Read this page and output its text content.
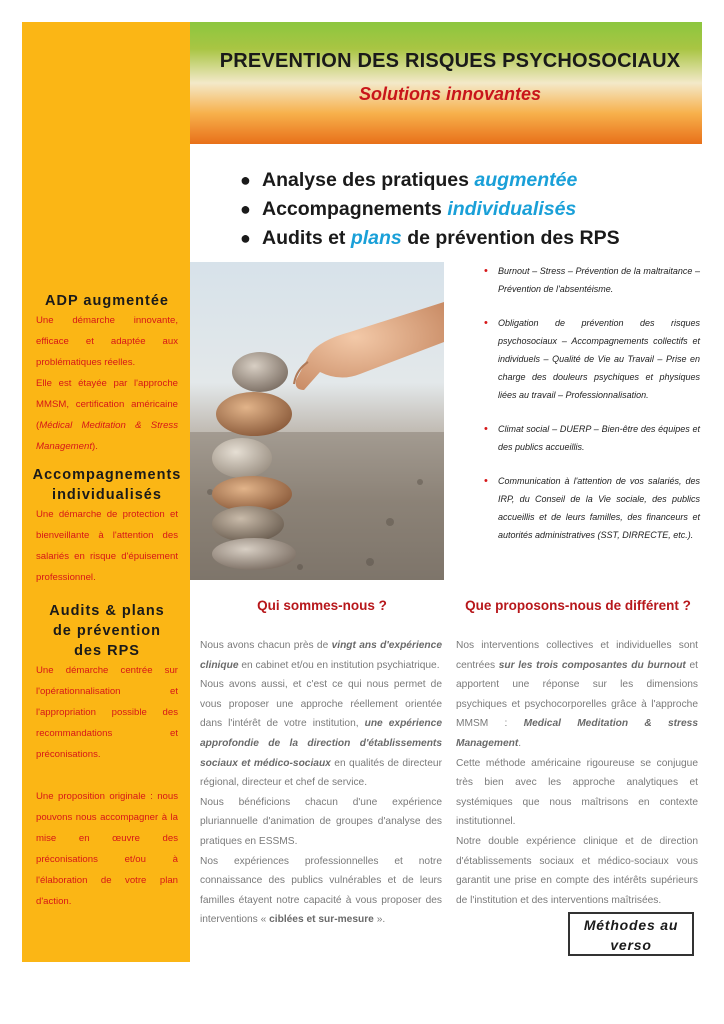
PREVENTION DES RISQUES PSYCHOSOCIAUX
Solutions innovantes
● Analyse des pratiques augmentée
● Accompagnements individualisés
● Audits et plans de prévention des RPS
ADP augmentée
Une démarche innovante, efficace et adaptée aux problématiques réelles.
Elle est étayée par l'approche MMSM, certification américaine (Médical Meditation & Stress Management).
Accompagnements individualisés
Une démarche de protection et bienveillante à l'attention des salariés en risque d'épuisement professionnel.
Audits & plans de prévention des RPS
Une démarche centrée sur l'opérationnalisation et l'appropriation possible des recommandations et préconisations.

Une proposition originale : nous pouvons nous accompagner à la mise en œuvre des préconisations et/ou à l'élaboration de votre plan d'action.
• Burnout – Stress – Prévention de la maltraitance – Prévention de l'absentéisme.
• Obligation de prévention des risques psychosociaux – Accompagnements collectifs et individuels – Qualité de Vie au Travail – Prise en charge des douleurs psychiques et physiques liées au travail – Professionnalisation.
• Climat social – DUERP – Bien-être des équipes et des publics accueillis.
• Communication à l'attention de vos salariés, des IRP, du Conseil de la Vie sociale, des publics accueillis et de leurs familles, des financeurs et autorités administratives (SST, DIRRECTE, etc.).
Qui sommes-nous ?
Nous avons chacun près de vingt ans d'expérience clinique en cabinet et/ou en institution psychiatrique.
Nous avons aussi, et c'est ce qui nous permet de vous proposer une approche réellement orientée dans l'intérêt de votre institution, une expérience approfondie de la direction d'établissements sociaux et médico-sociaux en qualités de directeur régional, directeur et chef de service.
Nous bénéficions chacun d'une expérience pluriannuelle d'animation de groupes d'analyse des pratiques en ESSMS.
Nos expériences professionnelles et notre connaissance des publics vulnérables et de leurs familles étayent notre capacité à vous proposer des interventions « ciblées et sur-mesure ».
Que proposons-nous de différent ?
Nos interventions collectives et individuelles sont centrées sur les trois composantes du burnout et apportent une réponse sur les dimensions psychiques et psychocorporelles grâce à l'approche MMSM : Medical Meditation & stress Management.
Cette méthode américaine rigoureuse se conjugue très bien avec les approche analytiques et systémiques que nous maîtrisons en contexte institutionnel.
Notre double expérience clinique et de direction d'établissements sociaux et médico-sociaux vous garantit une prise en compte des intérêts supérieurs de l'institution et des interventions maîtrisées.
Méthodes au verso
